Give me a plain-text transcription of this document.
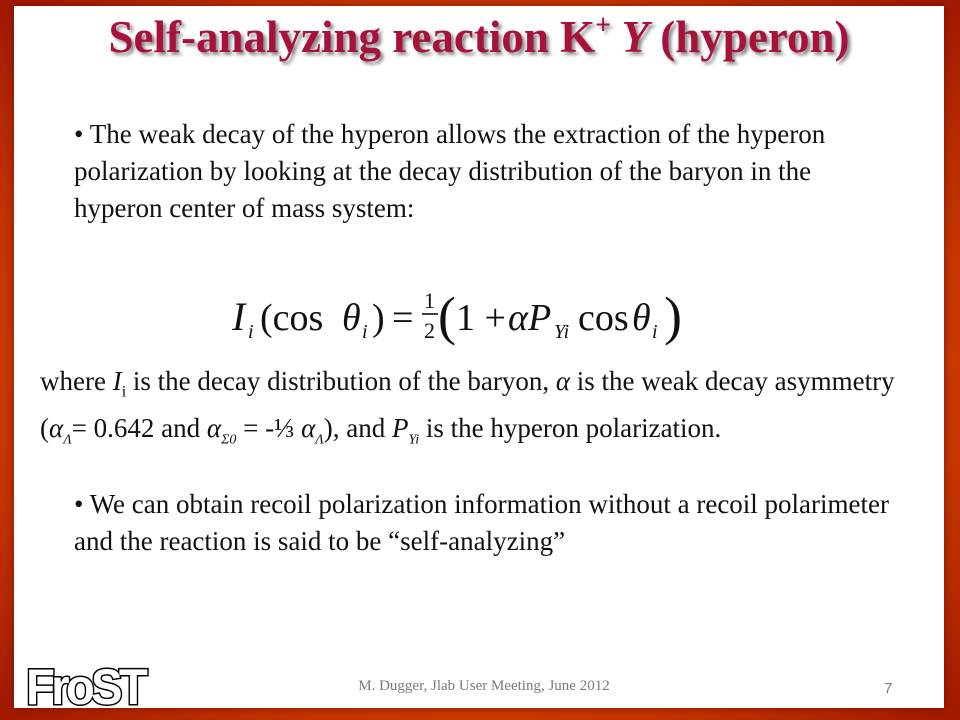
Self-analyzing reaction K+ Y (hyperon)

• The weak decay of the hyperon allows the extraction of the hyperon polarization by looking at the decay distribution of the baryon in the hyperon center of mass system:

I i (cos θ i ) = 1
2 ( 1 + αP Yi cos θ i )

where $I_i$ is the decay distribution of the baryon, α is the weak decay asymmetry ($\alpha_\Lambda= 0.642$ and $\alpha_{\Sigma 0}$ = -⅓ $\alpha_\Lambda$), and $P_{Yi}$ is the hyperon polarization.

• We can obtain recoil polarization information without a recoil polarimeter and the reaction is said to be “self-analyzing”

FroST	M. Dugger, Jlab User Meeting, June 2012	7
